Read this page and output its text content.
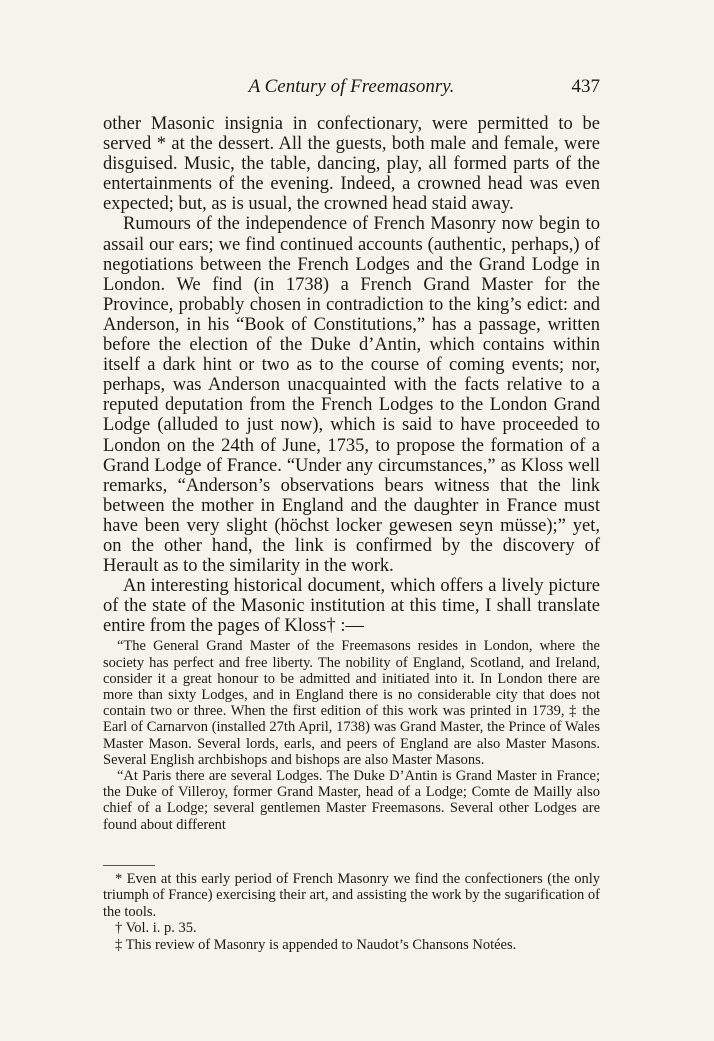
A Century of Freemasonry.	437

other Masonic insignia in confectionary, were permitted to be served * at the dessert. All the guests, both male and female, were disguised. Music, the table, dancing, play, all formed parts of the entertainments of the evening. Indeed, a crowned head was even expected; but, as is usual, the crowned head staid away.

Rumours of the independence of French Masonry now begin to assail our ears; we find continued accounts (authentic, perhaps,) of negotiations between the French Lodges and the Grand Lodge in London. We find (in 1738) a French Grand Master for the Province, probably chosen in contradiction to the king’s edict: and Anderson, in his “Book of Constitutions,” has a passage, written before the election of the Duke d’Antin, which contains within itself a dark hint or two as to the course of coming events; nor, perhaps, was Anderson unacquainted with the facts relative to a reputed deputation from the French Lodges to the London Grand Lodge (alluded to just now), which is said to have proceeded to London on the 24th of June, 1735, to propose the formation of a Grand Lodge of France. “Under any circumstances,” as Kloss well remarks, “Anderson’s observations bears witness that the link between the mother in England and the daughter in France must have been very slight (höchst locker gewesen seyn müsse);” yet, on the other hand, the link is confirmed by the discovery of Herault as to the similarity in the work.

An interesting historical document, which offers a lively picture of the state of the Masonic institution at this time, I shall translate entire from the pages of Kloss† :—

“The General Grand Master of the Freemasons resides in London, where the society has perfect and free liberty. The nobility of England, Scotland, and Ireland, consider it a great honour to be admitted and initiated into it. In London there are more than sixty Lodges, and in England there is no considerable city that does not contain two or three. When the first edition of this work was printed in 1739, ‡ the Earl of Carnarvon (installed 27th April, 1738) was Grand Master, the Prince of Wales Master Mason. Several lords, earls, and peers of England are also Master Masons. Several English archbishops and bishops are also Master Masons.

“At Paris there are several Lodges. The Duke D’Antin is Grand Master in France; the Duke of Villeroy, former Grand Master, head of a Lodge; Comte de Mailly also chief of a Lodge; several gentlemen Master Freemasons. Several other Lodges are found about different

* Even at this early period of French Masonry we find the confectioners (the only triumph of France) exercising their art, and assisting the work by the sugarification of the tools.

† Vol. i. p. 35.

‡ This review of Masonry is appended to Naudot’s Chansons Notées.
